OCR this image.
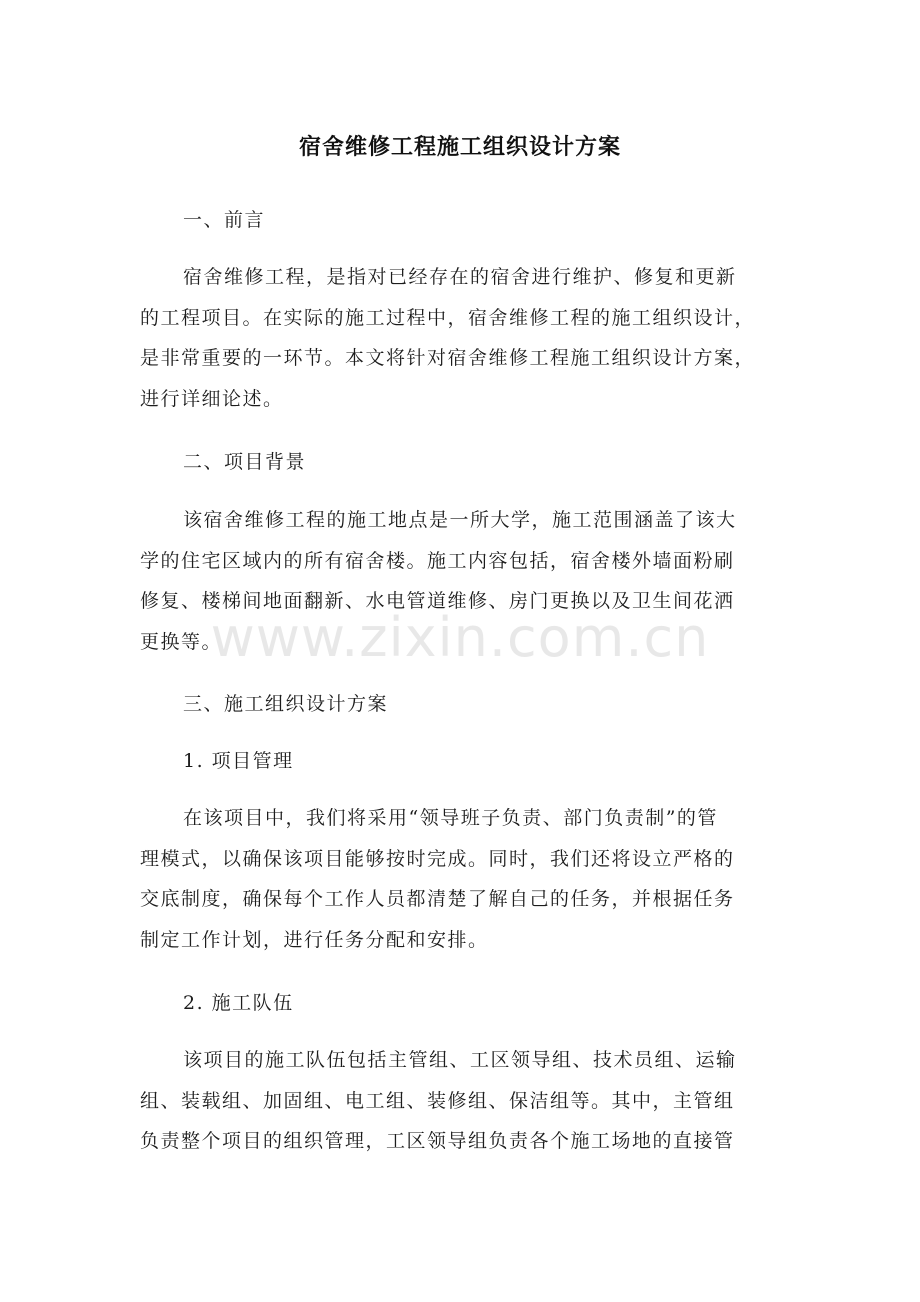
宿舍维修工程施工组织设计方案
一、前言
宿舍维修工程，是指对已经存在的宿舍进行维护、修复和更新
的工程项目。在实际的施工过程中，宿舍维修工程的施工组织设计，
是非常重要的一环节。本文将针对宿舍维修工程施工组织设计方案，
进行详细论述。
二、项目背景
该宿舍维修工程的施工地点是一所大学，施工范围涵盖了该大
学的住宅区域内的所有宿舍楼。施工内容包括，宿舍楼外墙面粉刷
修复、楼梯间地面翻新、水电管道维修、房门更换以及卫生间花洒
更换等。
三、施工组织设计方案
1. 项目管理
在该项目中，我们将采用“领导班子负责、部门负责制”的管
理模式，以确保该项目能够按时完成。同时，我们还将设立严格的
交底制度，确保每个工作人员都清楚了解自己的任务，并根据任务
制定工作计划，进行任务分配和安排。
2. 施工队伍
该项目的施工队伍包括主管组、工区领导组、技术员组、运输
组、装载组、加固组、电工组、装修组、保洁组等。其中，主管组
负责整个项目的组织管理，工区领导组负责各个施工场地的直接管
www.zixin.com.cn
